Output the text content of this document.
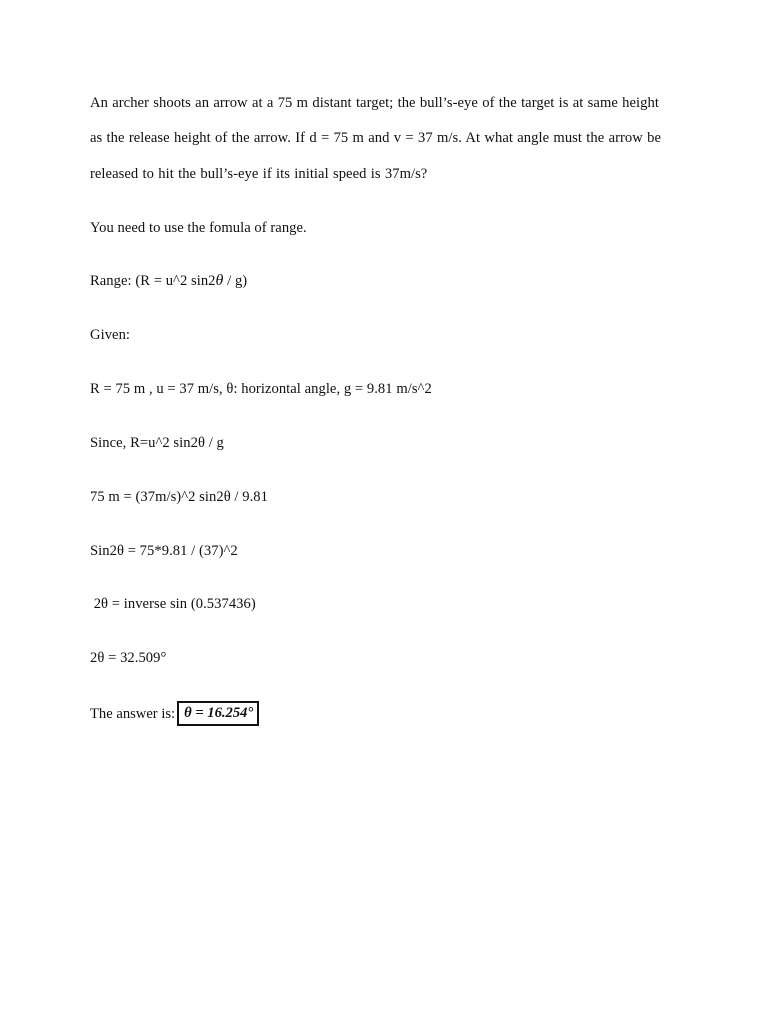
An archer shoots an arrow at a 75 m distant target; the bull’s-eye of the target is at same height

as the release height of the arrow. If d = 75 m and v = 37 m/s. At what angle must the arrow be

released to hit the bull’s-eye if its initial speed is 37m/s?

You need to use the fomula of range.

Range: (R = u^2 sin2θ / g)

Given:

R = 75 m , u = 37 m/s, θ: horizontal angle, g = 9.81 m/s^2

Since, R=u^2 sin2θ / g

75 m = (37m/s)^2 sin2θ / 9.81

Sin2θ = 75*9.81 / (37)^2

2θ = inverse sin (0.537436)

2θ = 32.509°

The answer is: θ = 16.254°
